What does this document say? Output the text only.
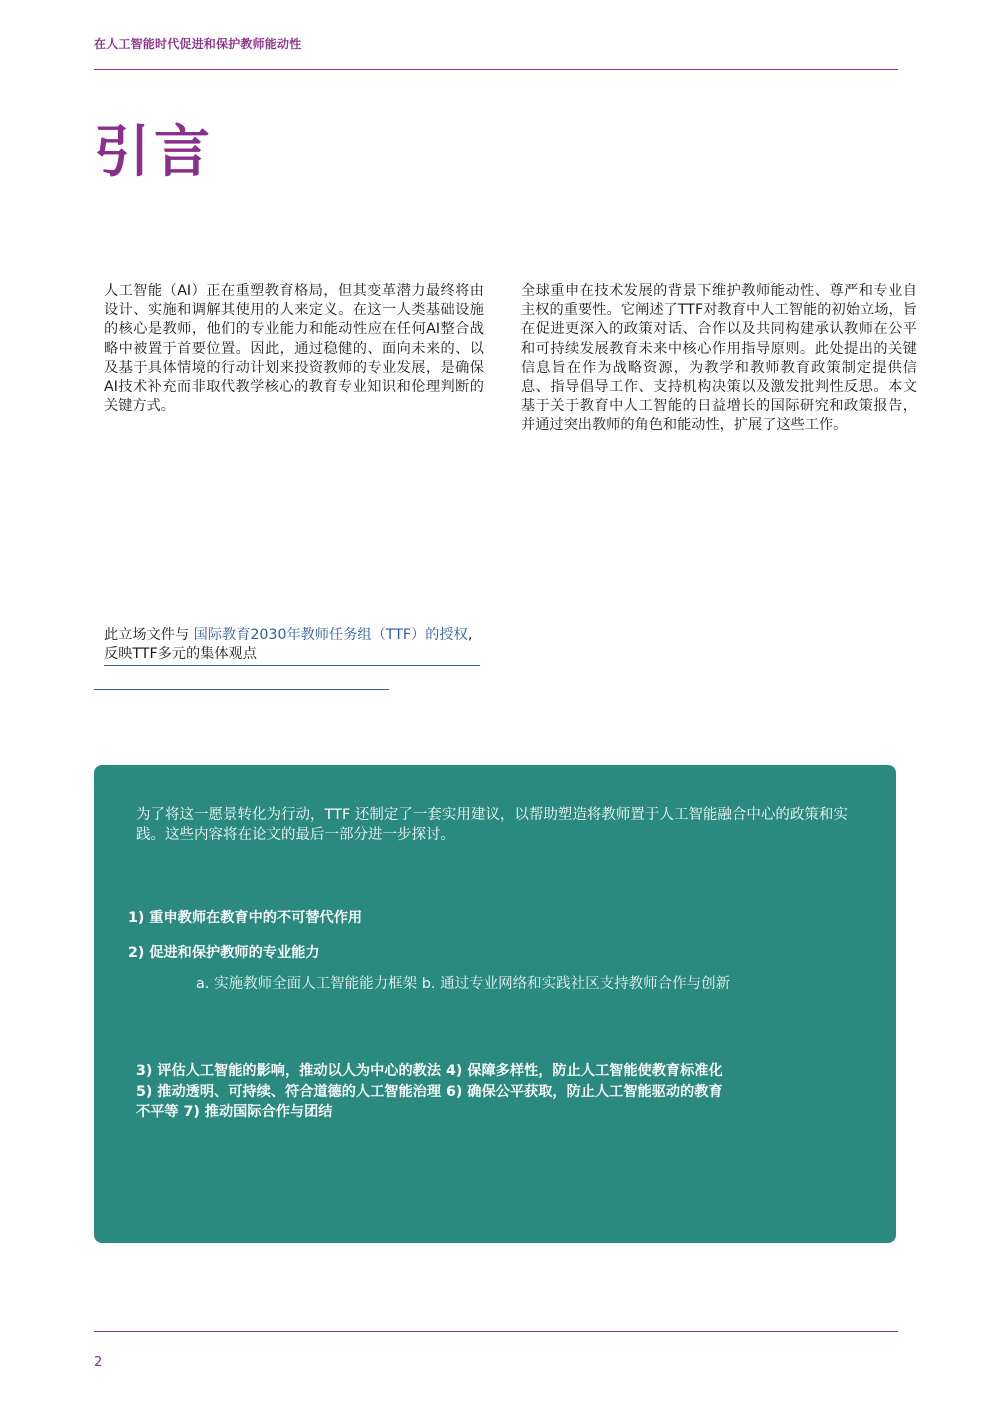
在人工智能时代促进和保护教师能动性
引言
人工智能（AI）正在重塑教育格局，但其变革潜力最终将由设计、实施和调解其使用的人来定义。在这一人类基础设施的核心是教师，他们的专业能力和能动性应在任何AI整合战略中被置于首要位置。因此，通过稳健的、面向未来的、以及基于具体情境的行动计划来投资教师的专业发展，是确保AI技术补充而非取代教学核心的教育专业知识和伦理判断的关键方式。
全球重申在技术发展的背景下维护教师能动性、尊严和专业自主权的重要性。它阐述了TTF对教育中人工智能的初始立场，旨在促进更深入的政策对话、合作以及共同构建承认教师在公平和可持续发展教育未来中核心作用指导原则。此处提出的关键信息旨在作为战略资源，为教学和教师教育政策制定提供信息、指导倡导工作、支持机构决策以及激发批判性反思。本文基于关于教育中人工智能的日益增长的国际研究和政策报告，并通过突出教师的角色和能动性，扩展了这些工作。
此立场文件与 国际教育2030年教师任务组（TTF）的授权,反映TTF多元的集体观点
为了将这一愿景转化为行动，TTF 还制定了一套实用建议，以帮助塑造将教师置于人工智能融合中心的政策和实践。这些内容将在论文的最后一部分进一步探讨。
1) 重申教师在教育中的不可替代作用
2) 促进和保护教师的专业能力
a. 实施教师全面人工智能能力框架 b. 通过专业网络和实践社区支持教师合作与创新
3) 评估人工智能的影响，推动以人为中心的教法 4) 保障多样性，防止人工智能使教育标准化 5) 推动透明、可持续、符合道德的人工智能治理 6) 确保公平获取，防止人工智能驱动的教育不平等 7) 推动国际合作与团结
2
